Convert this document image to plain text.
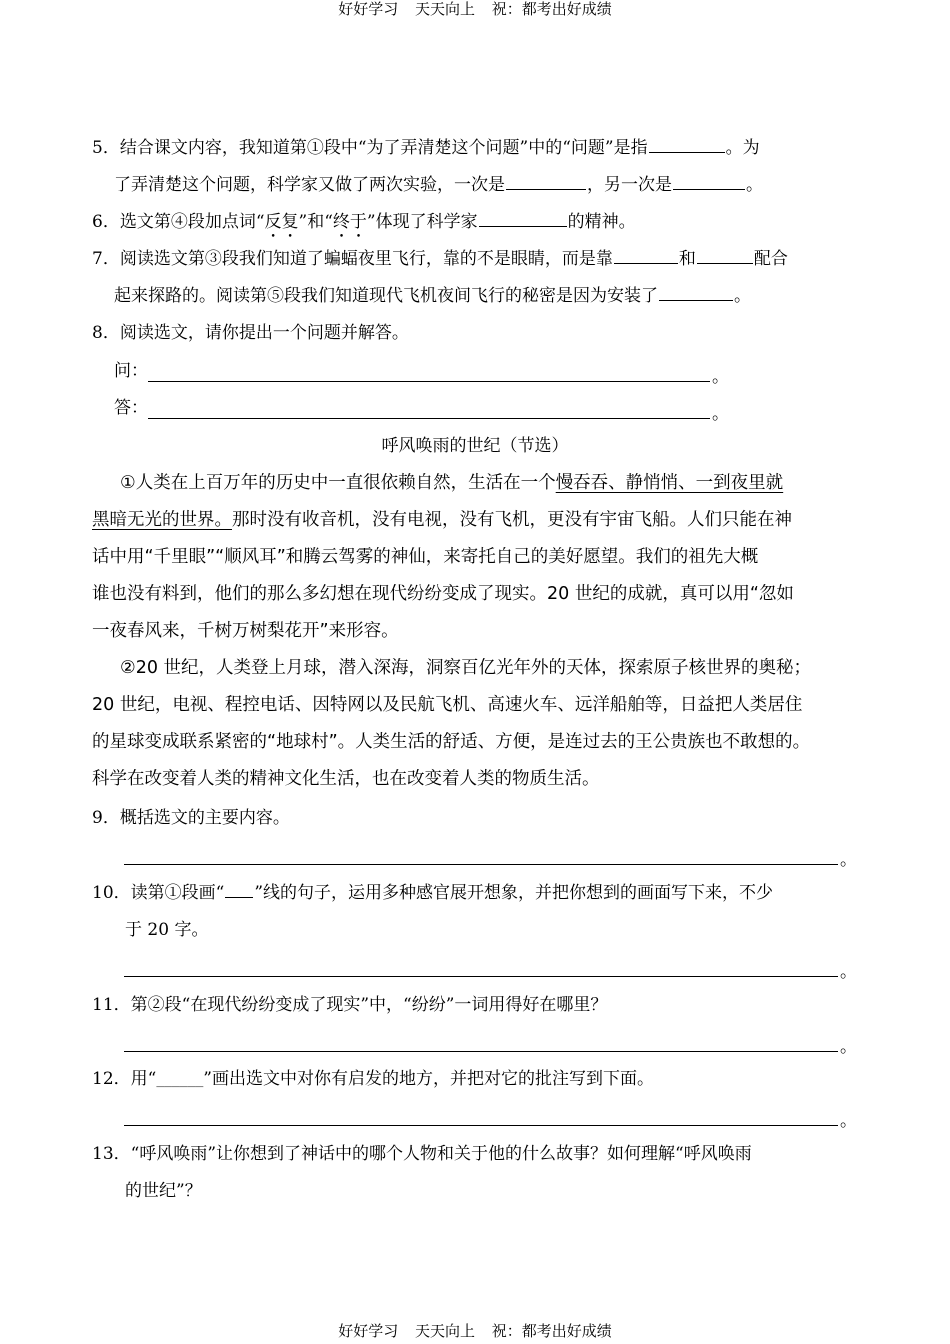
好好学习 天天向上 祝：都考出好成绩
5．结合课文内容，我知道第①段中“为了弄清楚这个问题”中的“问题”是指	。为
了弄清楚这个问题，科学家又做了两次实验，一次是	，另一次是	。
6．选文第④段加点词“反复”和“终于”体现了科学家	的精神。
7．阅读选文第③段我们知道了蝙蝠夜里飞行，靠的不是眼睛，而是靠	和	配合
起来探路的。阅读第⑤段我们知道现代飞机夜间飞行的秘密是因为安装了	。
8．阅读选文，请你提出一个问题并解答。
问：	。
答：	。
呼风唤雨的世纪（节选）
①人类在上百万年的历史中一直很依赖自然，生活在一个慢吞吞、静悄悄、一到夜里就
黑暗无光的世界。那时没有收音机，没有电视，没有飞机，更没有宇宙飞船。人们只能在神
话中用“千里眼”“顺风耳”和腾云驾雾的神仙，来寄托自己的美好愿望。我们的祖先大概
谁也没有料到，他们的那么多幻想在现代纷纷变成了现实。20 世纪的成就，真可以用“忽如
一夜春风来，千树万树梨花开”来形容。
②20 世纪，人类登上月球，潜入深海，洞察百亿光年外的天体，探索原子核世界的奥秘；
20 世纪，电视、程控电话、因特网以及民航飞机、高速火车、远洋船舶等，日益把人类居住
的星球变成联系紧密的“地球村”。人类生活的舒适、方便，是连过去的王公贵族也不敢想的。
科学在改变着人类的精神文化生活，也在改变着人类的物质生活。
9．概括选文的主要内容。
。
10．读第①段画“ ”线的句子，运用多种感官展开想象，并把你想到的画面写下来，不少
于 20 字。
。
11．第②段“在现代纷纷变成了现实”中，“纷纷”一词用得好在哪里？
。
12．用“______”画出选文中对你有启发的地方，并把对它的批注写到下面。
。
13．“呼风唤雨”让你想到了神话中的哪个人物和关于他的什么故事？如何理解“呼风唤雨
的世纪”？
好好学习 天天向上 祝：都考出好成绩
